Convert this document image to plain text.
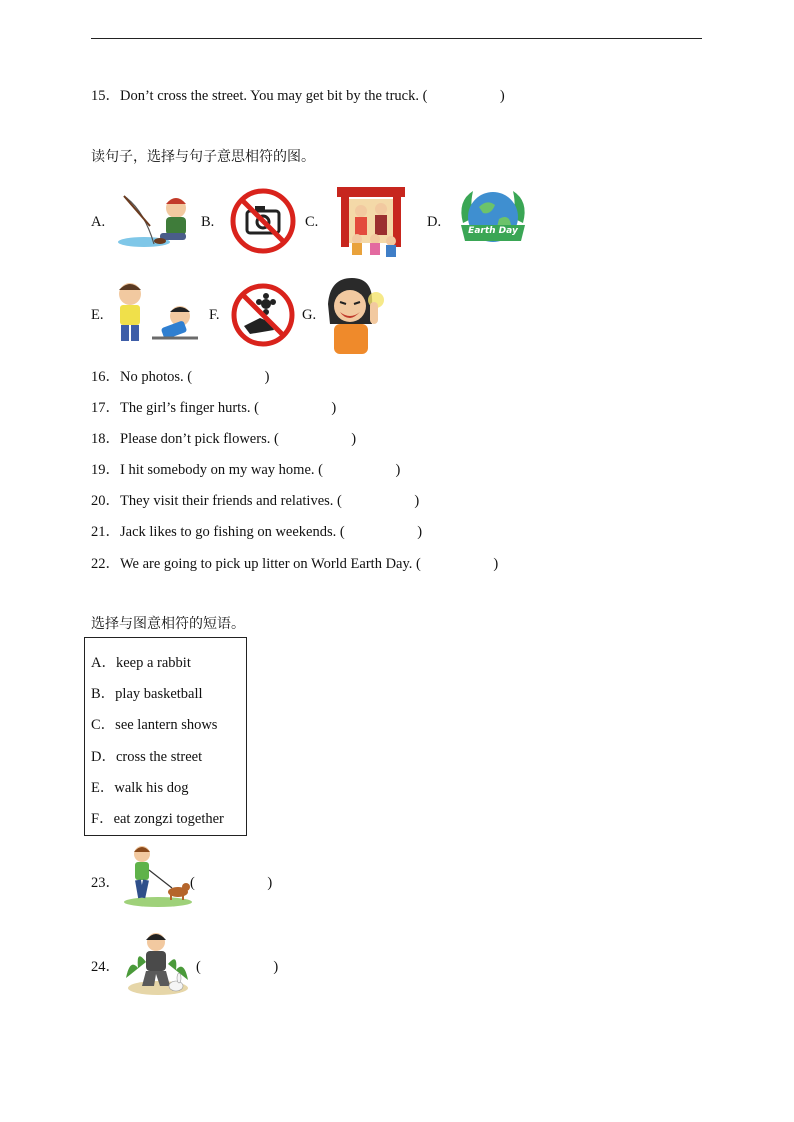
15．Don’t cross the street. You may get bit by the truck. (　　　　　)
读句子，选择与句子意思相符的图。
A.	B.	C.	D.
Earth Day
E.	F.	G.
16．No photos. (　　　　　)
17．The girl’s finger hurts. (　　　　　)
18．Please don’t pick flowers. (　　　　　)
19．I hit somebody on my way home. (　　　　　)
20．They visit their friends and relatives. (　　　　　)
21．Jack likes to go fishing on weekends. (　　　　　)
22．We are going to pick up litter on World Earth Day. (　　　　　)
选择与图意相符的短语。
A．keep a rabbit
B．play basketball
C．see lantern shows
D．cross the street
E．walk his dog
F．eat zongzi together
23．	(　　　　　)
24．	(　　　　　)
